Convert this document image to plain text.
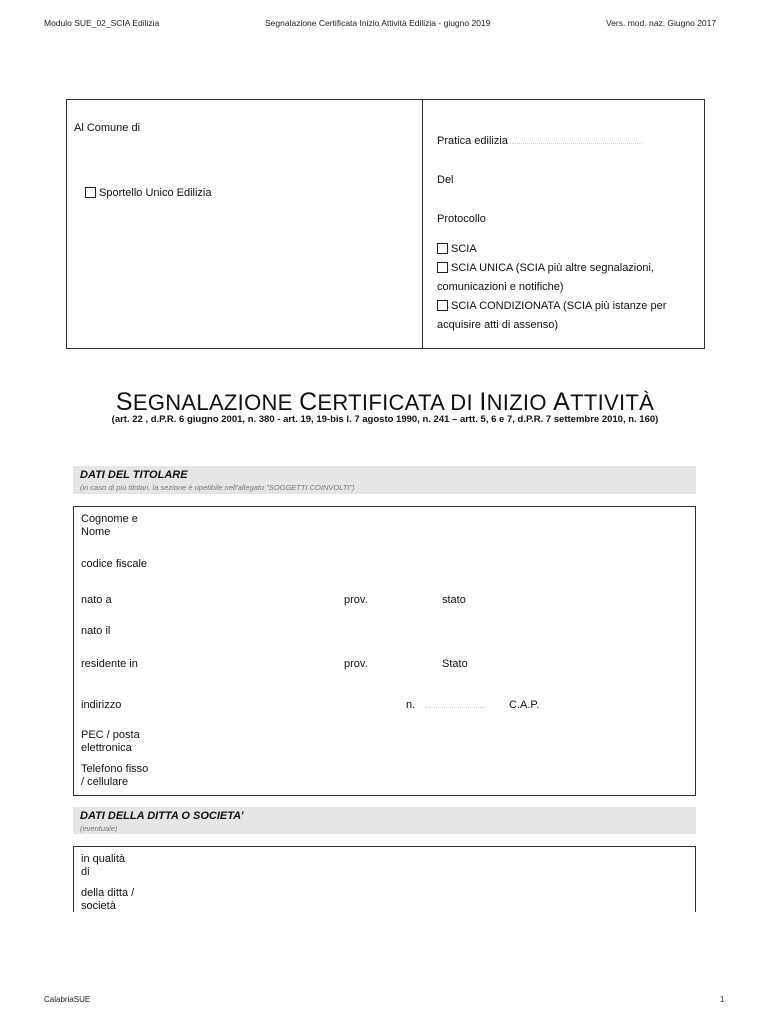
Modulo SUE_02_SCIA Edilizia	Segnalazione Certificata Inizio Attività Edilizia - giugno 2019	Vers. mod. naz. Giugno 2017
Al Comune di
Sportello Unico Edilizia
Pratica edilizia
Del
Protocollo
SCIA
SCIA UNICA (SCIA più altre segnalazioni,
comunicazioni e notifiche)
SCIA CONDIZIONATA (SCIA più istanze per
acquisire atti di assenso)
SEGNALAZIONE CERTIFICATA DI INIZIO ATTIVITÀ
(art. 22 , d.P.R. 6 giugno 2001, n. 380 - art. 19, 19-bis l. 7 agosto 1990, n. 241 – artt. 5, 6 e 7, d.P.R. 7 settembre 2010, n. 160)
DATI DEL TITOLARE
(in caso di più titolari, la sezione è ripetibile nell'allegato "SOGGETTI COINVOLTI")
Cognome e
Nome
codice fiscale
nato a	prov.	stato
nato il
residente in	prov.	Stato
indirizzo	n.	C.A.P.
PEC / posta
elettronica
Telefono fisso
/ cellulare
DATI DELLA DITTA O SOCIETA’
(eventuale)
in qualità
di
della ditta /
società
CalabriaSUE	1
